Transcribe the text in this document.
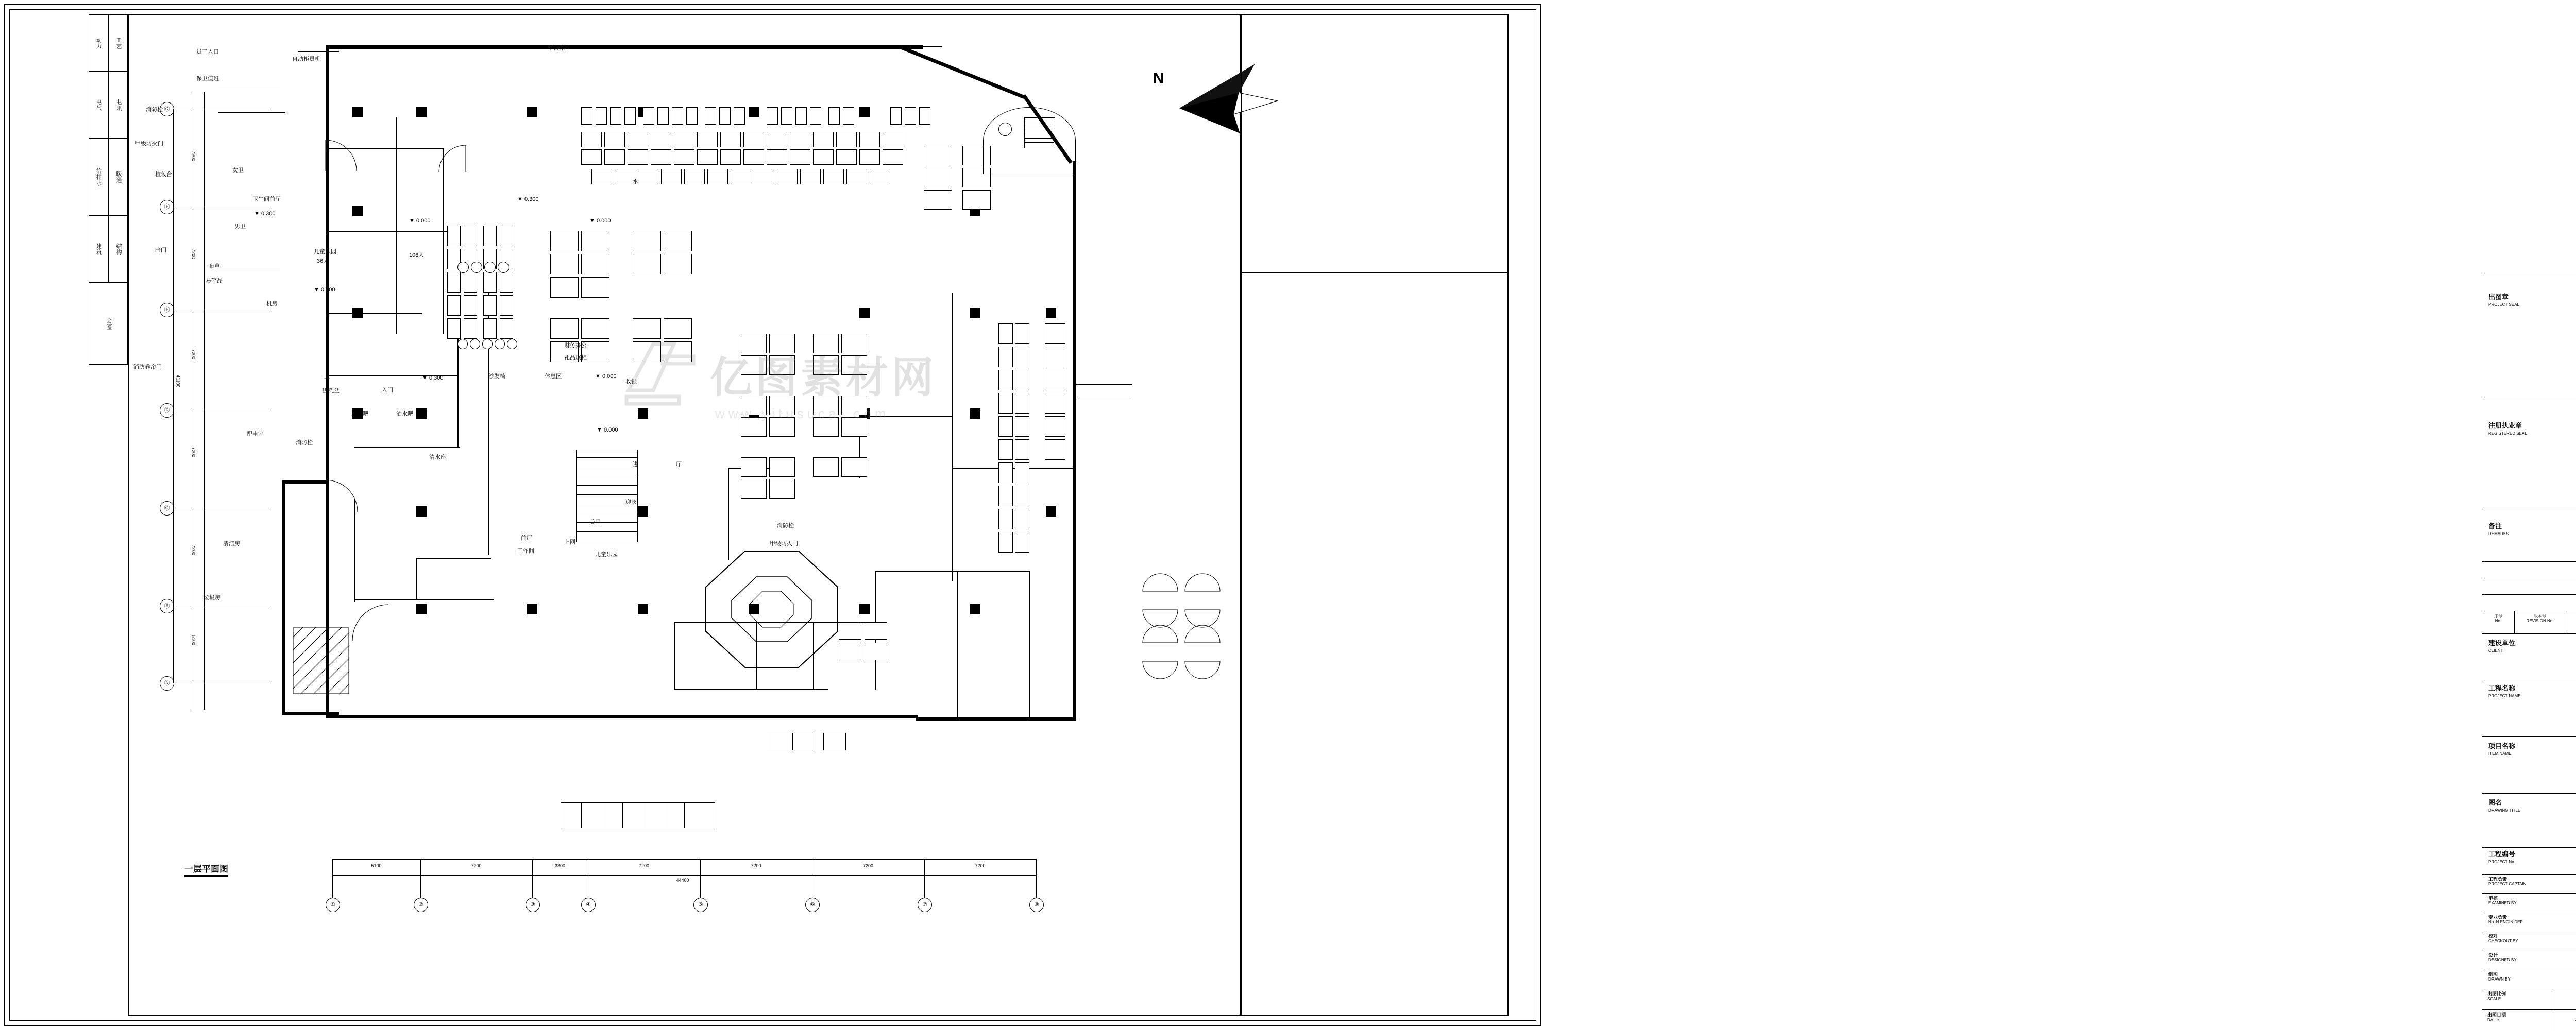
动力 工艺
电气 电讯
给排水 暖通
建筑 结构
会签
Ⓖ
Ⓕ
Ⓔ
Ⓓ
Ⓒ
Ⓑ
Ⓐ
7200
7200
7200
7200
7200
5100
41100
①	②	③	④	⑤	⑥	⑦	⑧
5100	7200	3300	7200	7200	7200	7200
44400
一层平面图
员工入口
保卫值班
自动柜员机
消防栓
消防栓
甲级防火门
梳妆台
女卫
卫生间前厅
男卫
暗门
布草
易碎品
机房
儿童乐园
36人
108人
消防卷帘门
配电室
消防栓
盥洗盆
上
入门
水果吧	酒水吧
清水座
沙发椅	休息区
财务办公
礼品展柜
收银
进	厅
迎宾
美甲
前厅
工作间
上网
儿童乐园
消防栓
甲级防火门
清洁房
垃圾房
水
▼ 0.000
▼ 0.300
▼ 0.000
▼ 0.300
▼ 0.000
▼ 0.300
▼ 0.300
▼ 0.000
N
亿图素材网
www.yitusucai.com
出图章
PROJECT SEAL
注册执业章
REGISTERED SEAL
备注
REMARKS
序号
No.
版本号
REVISION No.

建设单位
CLIENT
工程名称
PROJECT NAME
项目名称
ITEM NAME
图名
DRAWING TITLE
工程编号
PROJECT No.
工程负责
PROJECT CAPTAIN
审核
EXAMINED BY
专业负责
No. N ENGIN DEP
校对
CHECKOUT BY
设计
DESIGNED BY
制图
DRAWN BY
出图比例
SCALE

出图日期
DA. te
